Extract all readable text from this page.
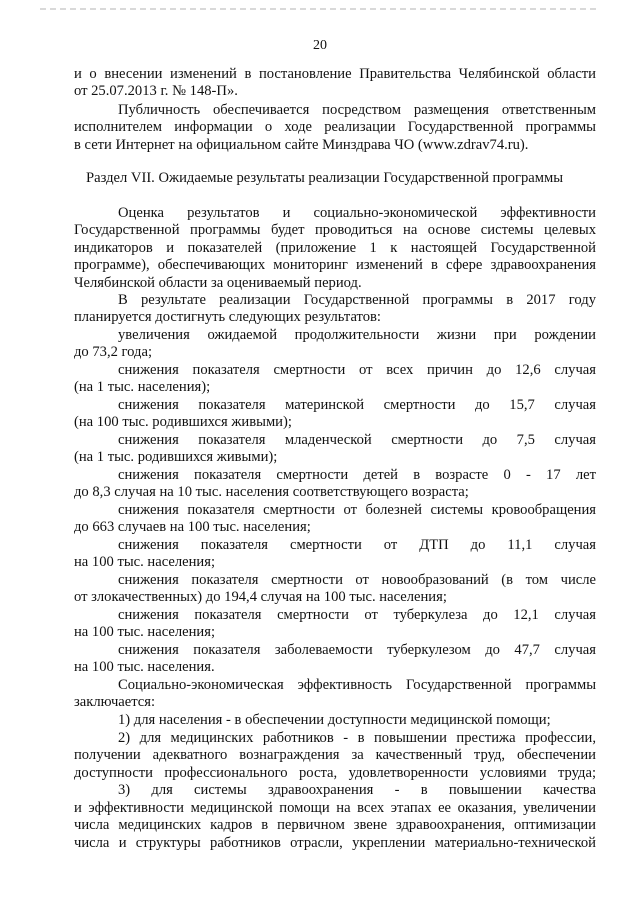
20
и о внесении изменений в постановление Правительства Челябинской области
от 25.07.2013 г. № 148-П».
Публичность обеспечивается посредством размещения ответственным
исполнителем информации о ходе реализации Государственной программы
в сети Интернет на официальном сайте Минздрава ЧО (www.zdrav74.ru).
Раздел VII. Ожидаемые результаты реализации Государственной программы
Оценка результатов и социально-экономической эффективности
Государственной программы будет проводиться на основе системы целевых
индикаторов и показателей (приложение 1 к настоящей Государственной
программе), обеспечивающих мониторинг изменений в сфере здравоохранения
Челябинской области за оцениваемый период.
В результате реализации Государственной программы в 2017 году
планируется достигнуть следующих результатов:
увеличения ожидаемой продолжительности жизни при рождении
до 73,2 года;
снижения показателя смертности от всех причин до 12,6 случая
(на 1 тыс. населения);
снижения показателя материнской смертности до 15,7 случая
(на 100 тыс. родившихся живыми);
снижения показателя младенческой смертности до 7,5 случая
(на 1 тыс. родившихся живыми);
снижения показателя смертности детей в возрасте 0 - 17 лет
до 8,3 случая на 10 тыс. населения соответствующего возраста;
снижения показателя смертности от болезней системы кровообращения
до 663 случаев на 100 тыс. населения;
снижения показателя смертности от ДТП до 11,1 случая
на 100 тыс. населения;
снижения показателя смертности от новообразований (в том числе
от злокачественных) до 194,4 случая на 100 тыс. населения;
снижения показателя смертности от туберкулеза до 12,1 случая
на 100 тыс. населения;
снижения показателя заболеваемости туберкулезом до 47,7 случая
на 100 тыс. населения.
Социально-экономическая эффективность Государственной программы
заключается:
1) для населения - в обеспечении доступности медицинской помощи;
2) для медицинских работников - в повышении престижа профессии,
получении адекватного вознаграждения за качественный труд, обеспечении
доступности профессионального роста, удовлетворенности условиями труда;
3) для системы здравоохранения - в повышении качества
и эффективности медицинской помощи на всех этапах ее оказания, увеличении
числа медицинских кадров в первичном звене здравоохранения, оптимизации
числа и структуры работников отрасли, укреплении материально-технической
